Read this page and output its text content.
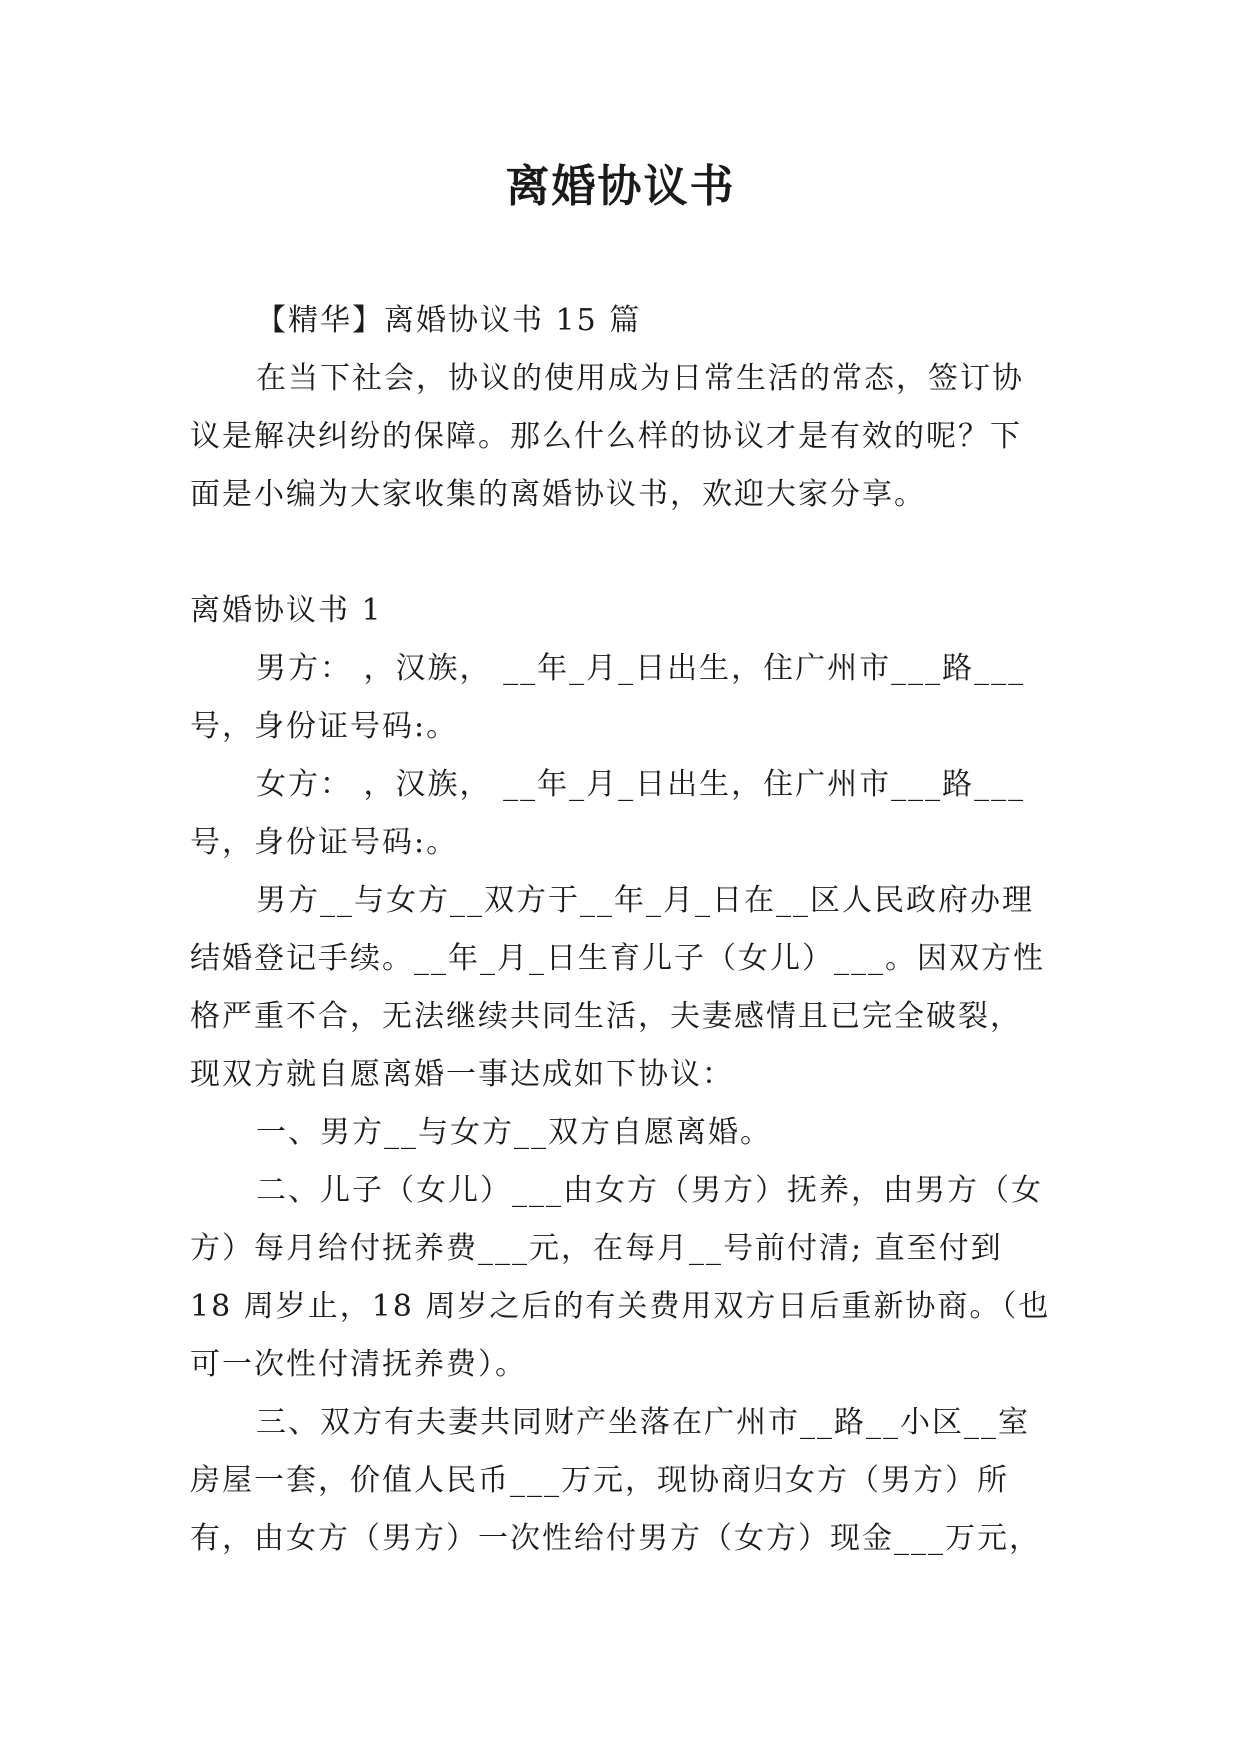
离婚协议书

【精华】离婚协议书 15 篇

在当下社会，协议的使用成为日常生活的常态，签订协议是解决纠纷的保障。那么什么样的协议才是有效的呢？下面是小编为大家收集的离婚协议书，欢迎大家分享。

离婚协议书 1

男方： ，汉族， __年_月_日出生，住广州市___路___号，身份证号码:。

女方： ，汉族， __年_月_日出生，住广州市___路___号，身份证号码:。

男方__与女方__双方于__年_月_日在__区人民政府办理结婚登记手续。__年_月_日生育儿子（女儿）___。因双方性格严重不合，无法继续共同生活，夫妻感情且已完全破裂，现双方就自愿离婚一事达成如下协议：

一、男方__与女方__双方自愿离婚。

二、儿子（女儿）___由女方（男方）抚养，由男方（女方）每月给付抚养费___元，在每月__号前付清; 直至付到 18 周岁止，18 周岁之后的有关费用双方日后重新协商。（也可一次性付清抚养费）。

三、双方有夫妻共同财产坐落在广州市__路__小区__室房屋一套，价值人民币___万元，现协商归女方（男方）所有，由女方（男方）一次性给付男方（女方）现金___万元，
